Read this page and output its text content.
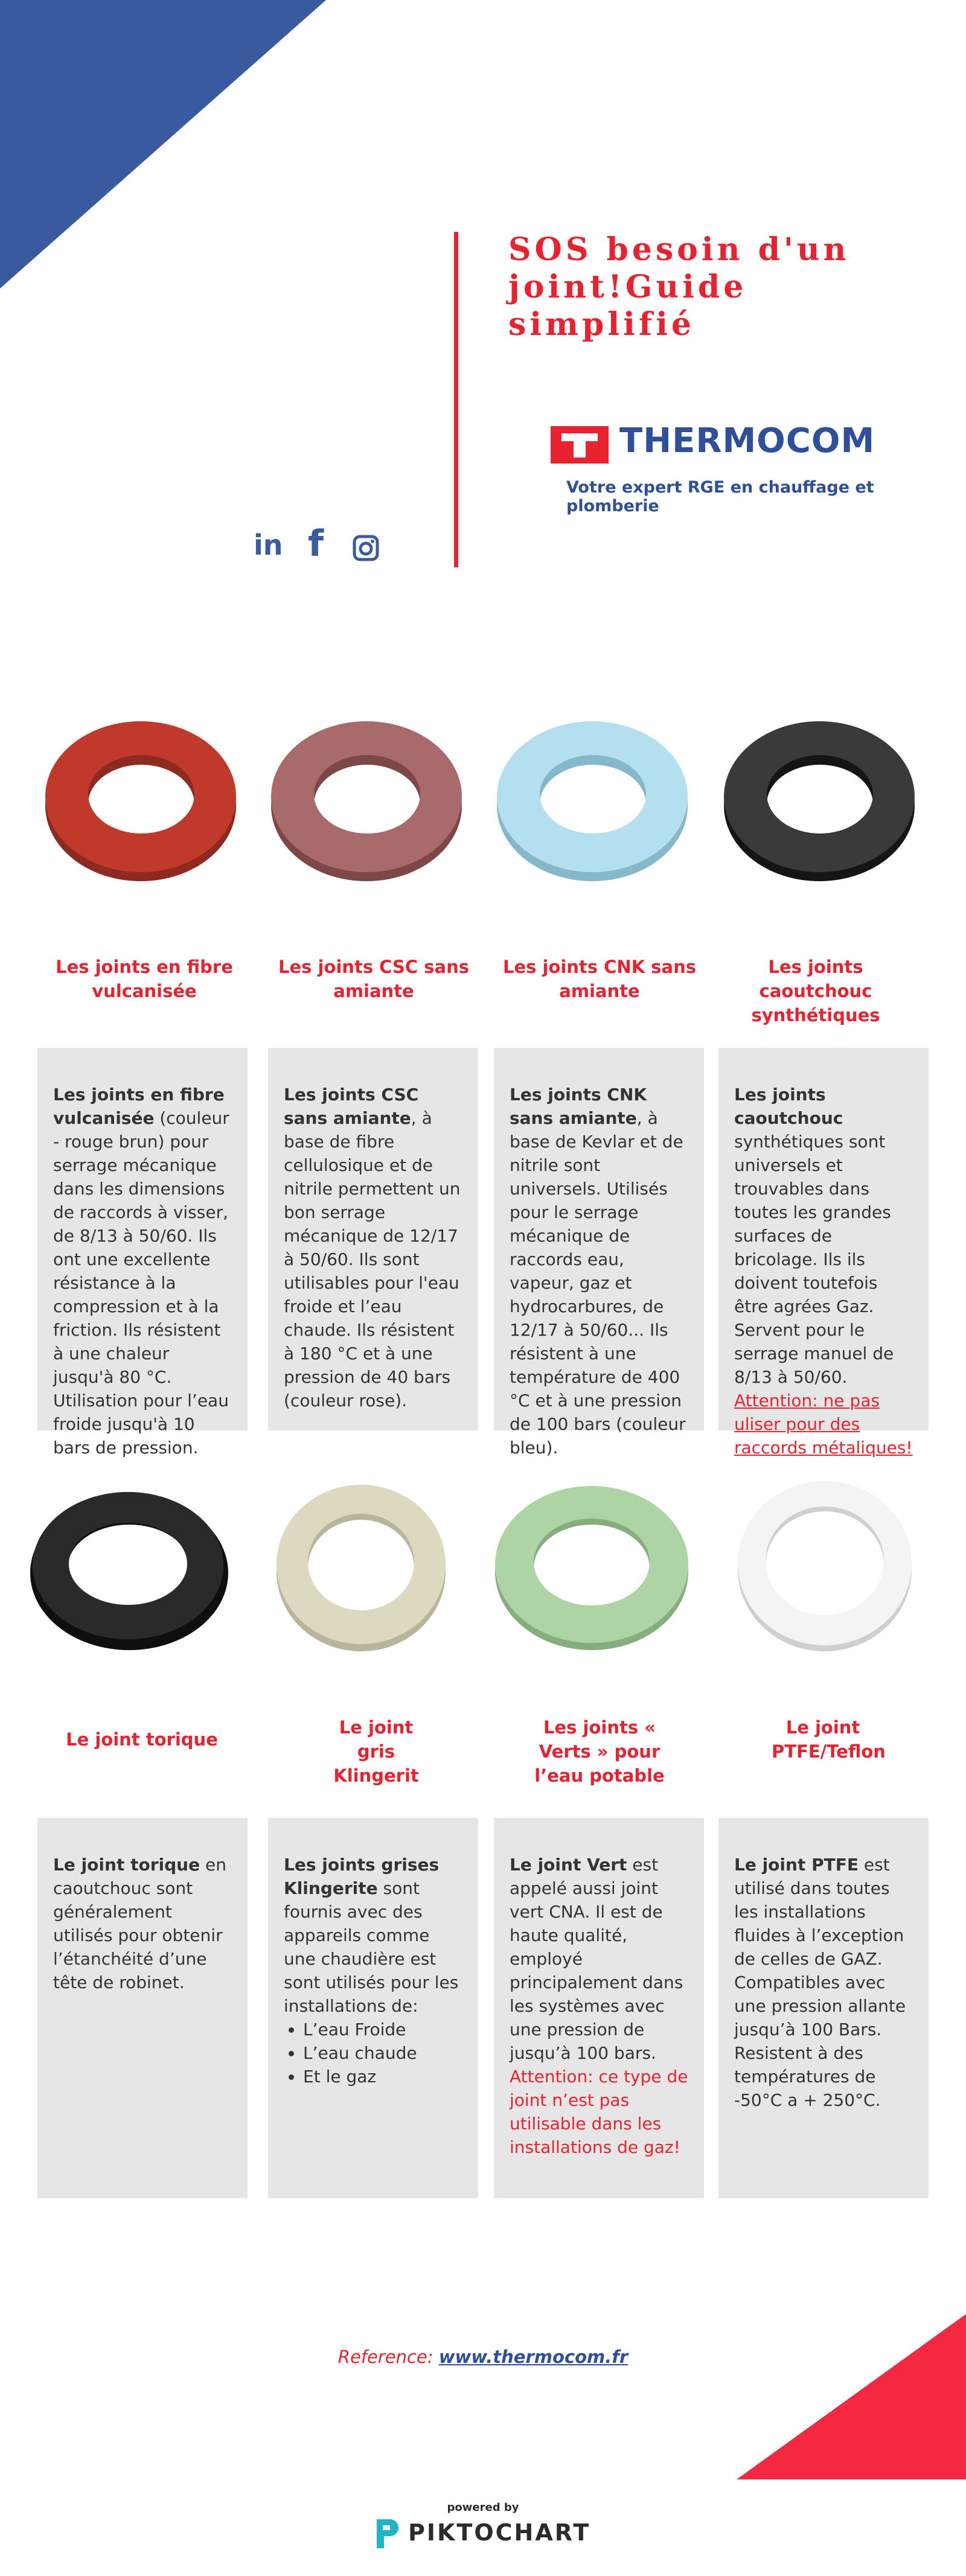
SOS besoin d'un joint!Guide simplifié
THERMOCOM
Votre expert RGE en chauffage et plomberie
in f
Les joints en fibre vulcanisée
Les joints CSC sans amiante
Les joints CNK sans amiante
Les joints caoutchouc synthétiques
Les joints en fibre vulcanisée (couleur - rouge brun) pour serrage mécanique dans les dimensions de raccords à visser, de 8/13 à 50/60. Ils ont une excellente résistance à la compression et à la friction. Ils résistent à une chaleur jusqu'à 80 °C. Utilisation pour l’eau froide jusqu'à 10 bars de pression.
Les joints CSC sans amiante, à base de fibre cellulosique et de nitrile permettent un bon serrage mécanique de 12/17 à 50/60. Ils sont utilisables pour l'eau froide et l’eau chaude. Ils résistent à 180 °C et à une pression de 40 bars (couleur rose).
Les joints CNK sans amiante, à base de Kevlar et de nitrile sont universels. Utilisés pour le serrage mécanique de raccords eau, vapeur, gaz et hydrocarbures, de 12/17 à 50/60... Ils résistent à une température de 400 °C et à une pression de 100 bars (couleur bleu).
Les joints caoutchouc synthétiques sont universels et trouvables dans toutes les grandes surfaces de bricolage. Ils ils doivent toutefois être agrées Gaz. Servent pour le serrage manuel de 8/13 à 50/60. Attention: ne pas uliser pour des raccords métaliques!
Le joint torique
Le joint gris Klingerit
Les joints « Verts » pour l’eau potable
Le joint PTFE/Teflon
Le joint torique en caoutchouc sont généralement utilisés pour obtenir l’étanchéité d’une tête de robinet.
Les joints grises Klingerite sont fournis avec des appareils comme une chaudière est sont utilisés pour les installations de:
• L’eau Froide
• L’eau chaude
• Et le gaz
Le joint Vert est appelé aussi joint vert CNA. Il est de haute qualité, employé principalement dans les systèmes avec une pression de jusqu’à 100 bars. Attention: ce type de joint n’est pas utilisable dans les installations de gaz!
Le joint PTFE est utilisé dans toutes les installations fluides à l’exception de celles de GAZ. Compatibles avec une pression allante jusqu’à 100 Bars. Resistent à des températures de -50°C a + 250°C.
Reference: www.thermocom.fr
powered by
PIKTOCHART
